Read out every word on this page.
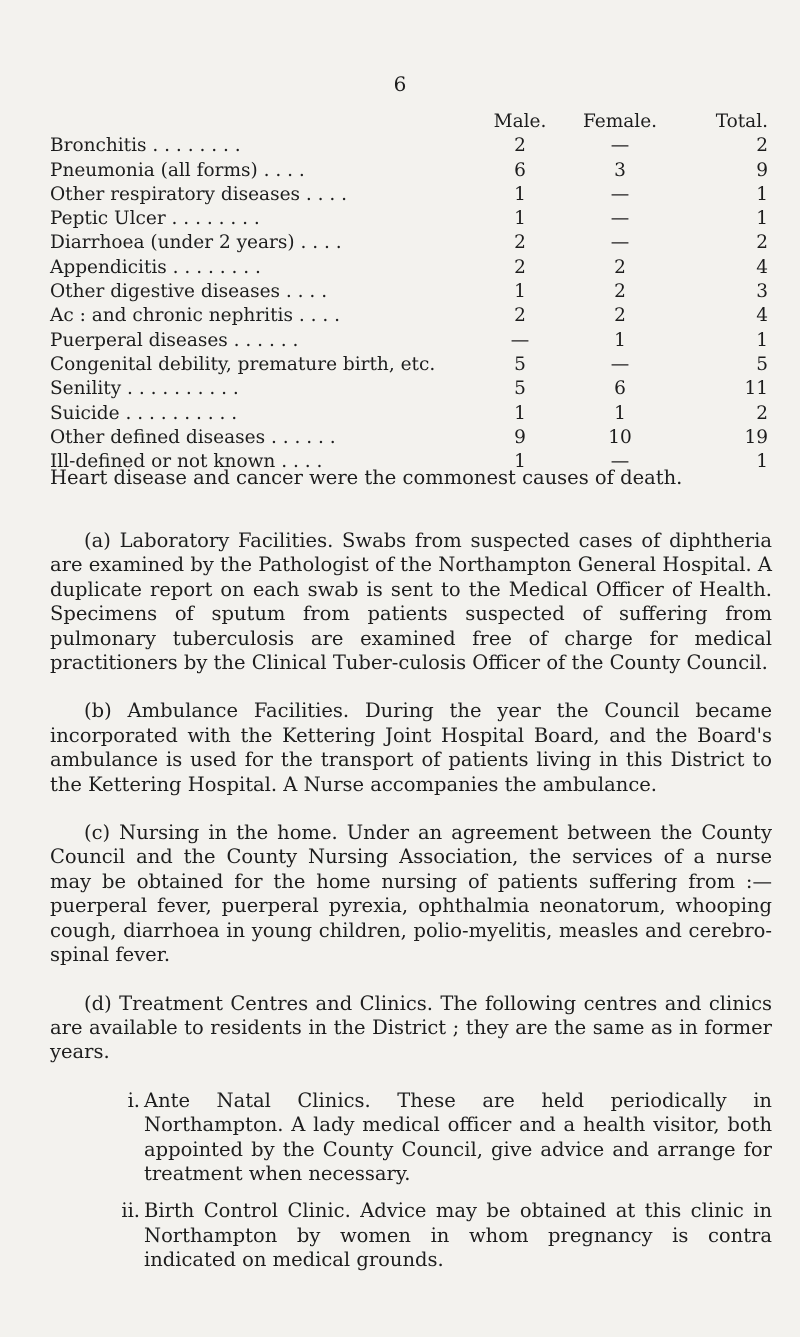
6
	Male.	Female.	Total.
Bronchitis . . . . . . . .	2	—	2
Pneumonia (all forms) . . . .	6	3	9
Other respiratory diseases . . . .	1	—	1
Peptic Ulcer . . . . . . . .	1	—	1
Diarrhoea (under 2 years) . . . .	2	—	2
Appendicitis . . . . . . . .	2	2	4
Other digestive diseases . . . .	1	2	3
Ac : and chronic nephritis . . . .	2	2	4
Puerperal diseases . . . . . .	—	1	1
Congenital debility, premature birth, etc.	5	—	5
Senility . . . . . . . . . .	5	6	11
Suicide . . . . . . . . . .	1	1	2
Other defined diseases . . . . . .	9	10	19
Ill-defined or not known . . . .	1	—	1
Heart disease and cancer were the commonest causes of death.

(a) Laboratory Facilities. Swabs from suspected cases of diphtheria are examined by the Pathologist of the Northampton General Hospital. A duplicate report on each swab is sent to the Medical Officer of Health. Specimens of sputum from patients suspected of suffering from pulmonary tuberculosis are examined free of charge for medical practitioners by the Clinical Tuber-culosis Officer of the County Council.

(b) Ambulance Facilities. During the year the Council became incorporated with the Kettering Joint Hospital Board, and the Board's ambulance is used for the transport of patients living in this District to the Kettering Hospital. A Nurse accompanies the ambulance.

(c) Nursing in the home. Under an agreement between the County Council and the County Nursing Association, the services of a nurse may be obtained for the home nursing of patients suffering from :—puerperal fever, puerperal pyrexia, ophthalmia neonatorum, whooping cough, diarrhoea in young children, polio-myelitis, measles and cerebro-spinal fever.

(d) Treatment Centres and Clinics. The following centres and clinics are available to residents in the District ; they are the same as in former years.

i. Ante Natal Clinics. These are held periodically in Northampton. A lady medical officer and a health visitor, both appointed by the County Council, give advice and arrange for treatment when necessary.
ii. Birth Control Clinic. Advice may be obtained at this clinic in Northampton by women in whom pregnancy is contra indicated on medical grounds.
